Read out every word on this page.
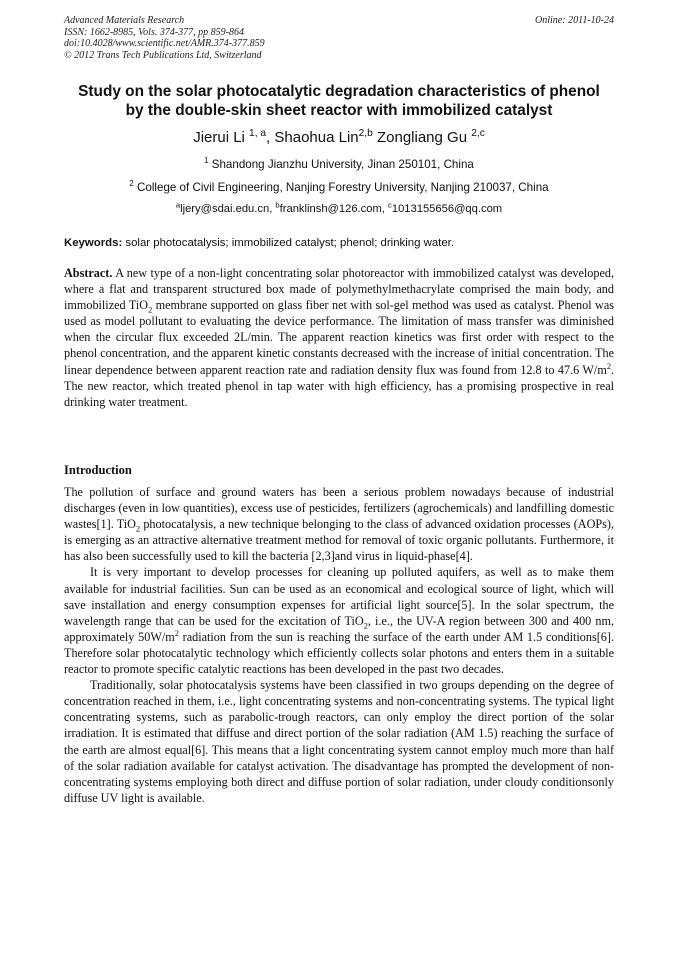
Advanced Materials Research
ISSN: 1662-8985, Vols. 374-377, pp 859-864
doi:10.4028/www.scientific.net/AMR.374-377.859
© 2012 Trans Tech Publications Ltd, Switzerland
Online: 2011-10-24
Study on the solar photocatalytic degradation characteristics of phenol
by the double-skin sheet reactor with immobilized catalyst
Jierui Li $^{1, a}$, Shaohua Lin$^{2,b}$ Zongliang Gu $^{2,c}$
$^1$ Shandong Jianzhu University, Jinan 250101, China
$^2$ College of Civil Engineering, Nanjing Forestry University, Nanjing 210037, China
$^a$ljery@sdai.edu.cn, $^b$franklinsh@126.com, $^c$1013155656@qq.com
Keywords: solar photocatalysis; immobilized catalyst; phenol; drinking water.
Abstract. A new type of a non-light concentrating solar photoreactor with immobilized catalyst was developed, where a flat and transparent structured box made of polymethylmethacrylate comprised the main body, and immobilized TiO$_2$ membrane supported on glass fiber net with sol-gel method was used as catalyst. Phenol was used as model pollutant to evaluating the device performance. The limitation of mass transfer was diminished when the circular flux exceeded 2L/min. The apparent reaction kinetics was first order with respect to the phenol concentration, and the apparent kinetic constants decreased with the increase of initial concentration. The linear dependence between apparent reaction rate and radiation density flux was found from 12.8 to 47.6 $W/m^2$. The new reactor, which treated phenol in tap water with high efficiency, has a promising prospective in real drinking water treatment.
Introduction

The pollution of surface and ground waters has been a serious problem nowadays because of industrial discharges (even in low quantities), excess use of pesticides, fertilizers (agrochemicals) and landfilling domestic wastes[1]. TiO$_2$ photocatalysis, a new technique belonging to the class of advanced oxidation processes (AOPs), is emerging as an attractive alternative treatment method for removal of toxic organic pollutants. Furthermore, it has also been successfully used to kill the bacteria [2,3]and virus in liquid-phase[4].

It is very important to develop processes for cleaning up polluted aquifers, as well as to make them available for industrial facilities. Sun can be used as an economical and ecological source of light, which will save installation and energy consumption expenses for artificial light source[5]. In the solar spectrum, the wavelength range that can be used for the excitation of TiO$_2$, i.e., the UV-A region between 300 and 400 nm, approximately $50W/m^2$ radiation from the sun is reaching the surface of the earth under AM 1.5 conditions[6]. Therefore solar photocatalytic technology which efficiently collects solar photons and enters them in a suitable reactor to promote specific catalytic reactions has been developed in the past two decades.

Traditionally, solar photocatalysis systems have been classified in two groups depending on the degree of concentration reached in them, i.e., light concentrating systems and non-concentrating systems. The typical light concentrating systems, such as parabolic-trough reactors, can only employ the direct portion of the solar irradiation. It is estimated that diffuse and direct portion of the solar radiation (AM 1.5) reaching the surface of the earth are almost equal[6]. This means that a light concentrating system cannot employ much more than half of the solar radiation available for catalyst activation. The disadvantage has prompted the development of non-concentrating systems employing both direct and diffuse portion of solar radiation, under cloudy conditionsonly diffuse UV light is available.
